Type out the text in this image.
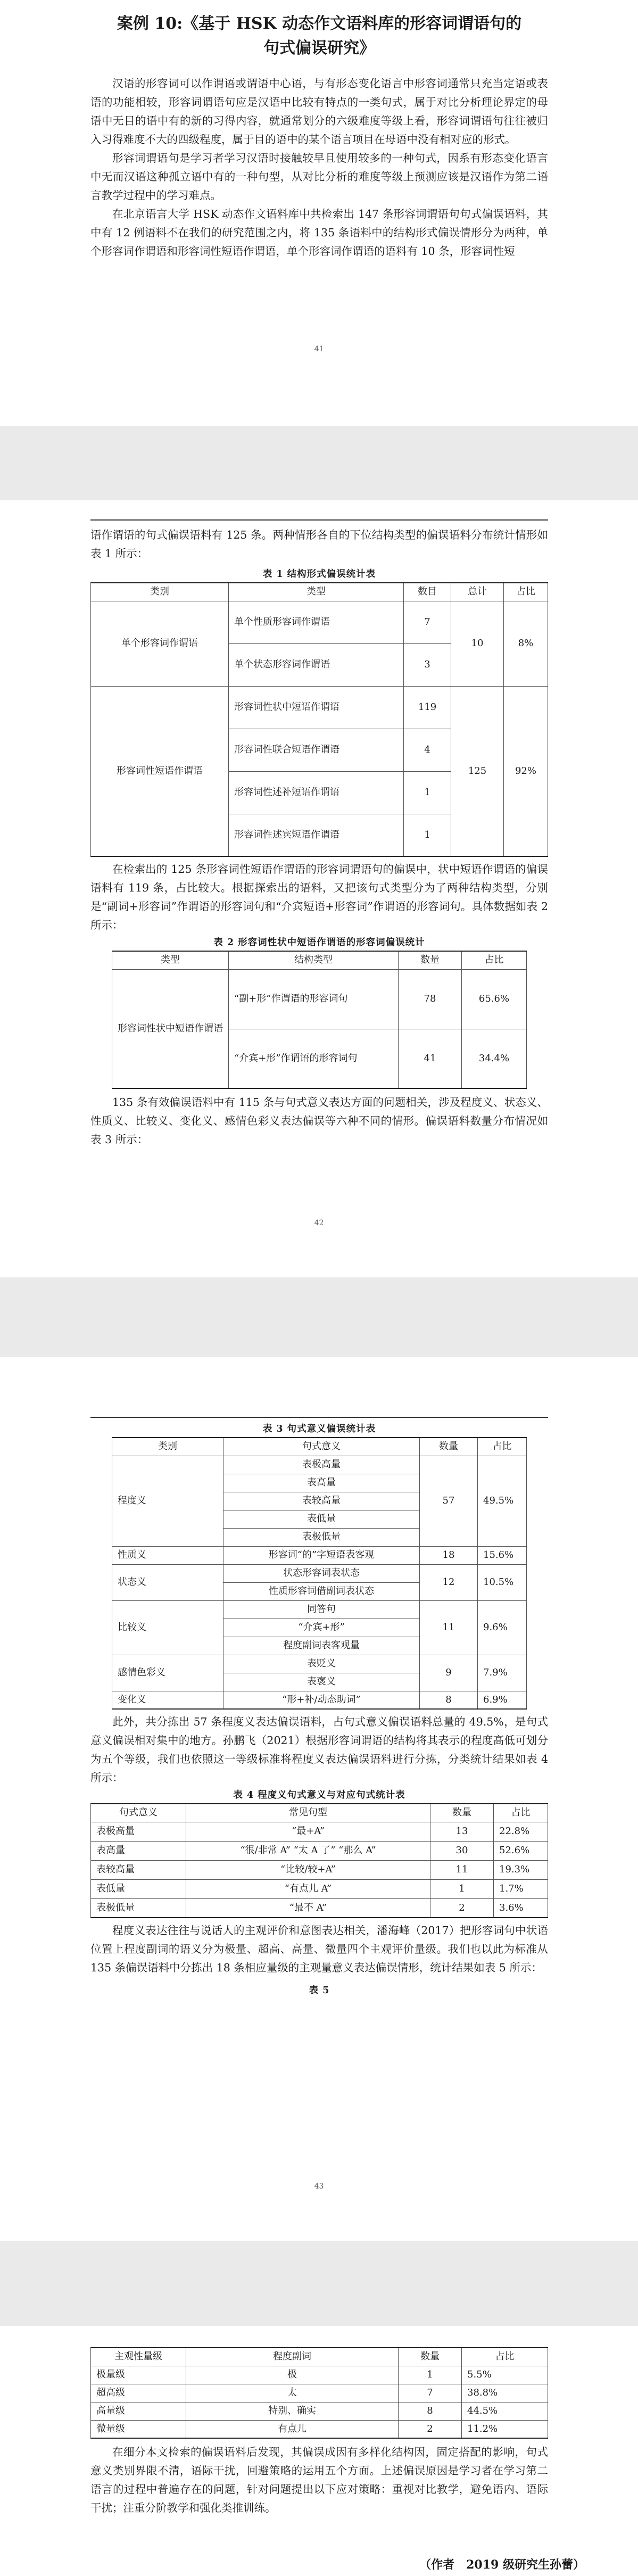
案例 10:《基于 HSK 动态作文语料库的形容词谓语句的句式偏误研究》

汉语的形容词可以作谓语或谓语中心语，与有形态变化语言中形容词通常只充当定语或表语的功能相较，形容词谓语句应是汉语中比较有特点的一类句式，属于对比分析理论界定的母语中无目的语中有的新的习得内容，就通常划分的六级难度等级上看，形容词谓语句往往被归入习得难度不大的四级程度，属于目的语中的某个语言项目在母语中没有相对应的形式。

形容词谓语句是学习者学习汉语时接触较早且使用较多的一种句式，因系有形态变化语言中无而汉语这种孤立语中有的一种句型，从对比分析的难度等级上预测应该是汉语作为第二语言教学过程中的学习难点。

在北京语言大学 HSK 动态作文语料库中共检索出 147 条形容词谓语句句式偏误语料，其中有 12 例语料不在我们的研究范围之内，将 135 条语料中的结构形式偏误情形分为两种，单个形容词作谓语和形容词性短语作谓语，单个形容词作谓语的语料有 10 条，形容词性短

41

语作谓语的句式偏误语料有 125 条。两种情形各自的下位结构类型的偏误语料分布统计情形如表 1 所示：

表 1 结构形式偏误统计表
类别	类型	数目	总计	占比
单个形容词作谓语	单个性质形容词作谓语	7	10	8%
	单个状态形容词作谓语	3		
形容词性短语作谓语	形容词性状中短语作谓语	119	125	92%
	形容词性联合短语作谓语	4		
	形容词性述补短语作谓语	1		
	形容词性述宾短语作谓语	1		

在检索出的 125 条形容词性短语作谓语的形容词谓语句的偏误中，状中短语作谓语的偏误语料有 119 条，占比较大。根据探索出的语料，又把该句式类型分为了两种结构类型，分别是“副词+形容词”作谓语的形容词句和“介宾短语+形容词”作谓语的形容词句。具体数据如表 2 所示：

表 2 形容词性状中短语作谓语的形容词偏误统计
类型	结构类型	数量	占比
形容词性状中短语作谓语	“副+形”作谓语的形容词句	78	65.6%
	“介宾+形”作谓语的形容词句	41	34.4%

135 条有效偏误语料中有 115 条与句式意义表达方面的问题相关，涉及程度义、状态义、性质义、比较义、变化义、感情色彩义表达偏误等六种不同的情形。偏误语料数量分布情况如表 3 所示：

42
表 3 句式意义偏误统计表
类别	句式意义	数量	占比
程度义	表极高量	57	49.5%
	表高量		
	表较高量		
	表低量		
	表极低量		
性质义	形容词“的”字短语表客观	18	15.6%
状态义	状态形容词表状态	12	10.5%
	性质形容词借副词表状态		
比较义	同答句	11	9.6%
	“介宾+形”		
	程度副词表客观量		
感情色彩义	表贬义	9	7.9%
	表褒义		
变化义	“形+补/动态助词”	8	6.9%

此外，共分拣出 57 条程度义表达偏误语料，占句式意义偏误语料总量的 49.5%，是句式意义偏误相对集中的地方。孙鹏飞（2021）根据形容词谓语的结构将其表示的程度高低可划分为五个等级，我们也依照这一等级标准将程度义表达偏误语料进行分拣，分类统计结果如表 4 所示：

表 4 程度义句式意义与对应句式统计表
句式意义	常见句型	数量	占比
表极高量	“最+A”	13	22.8%
表高量	“很/非常 A” “太 A 了” “那么 A”	30	52.6%
表较高量	“比较/较+A”	11	19.3%
表低量	“有点儿 A”	1	1.7%
表极低量	“最不 A”	2	3.6%

程度义表达往往与说话人的主观评价和意图表达相关，潘海峰（2017）把形容词句中状语位置上程度副词的语义分为极量、超高、高量、微量四个主观评价量级。我们也以此为标准从 135 条偏误语料中分拣出 18 条相应量级的主观量意义表达偏误情形，统计结果如表 5 所示：

表 5
43
主观性量级	程度副词	数量	占比
极量级	极	1	5.5%
超高级	太	7	38.8%
高量级	特别、确实	8	44.5%
微量级	有点儿	2	11.2%

在细分本文检索的偏误语料后发现，其偏误成因有多样化结构因，固定搭配的影响，句式意义类别界限不清，语际干扰，回避策略的运用五个方面。上述偏误原因是学习者在学习第二语言的过程中普遍存在的问题，针对问题提出以下应对策略：重视对比教学，避免语内、语际干扰；注重分阶教学和强化类推训练。

（作者　2019 级研究生孙蕾）
